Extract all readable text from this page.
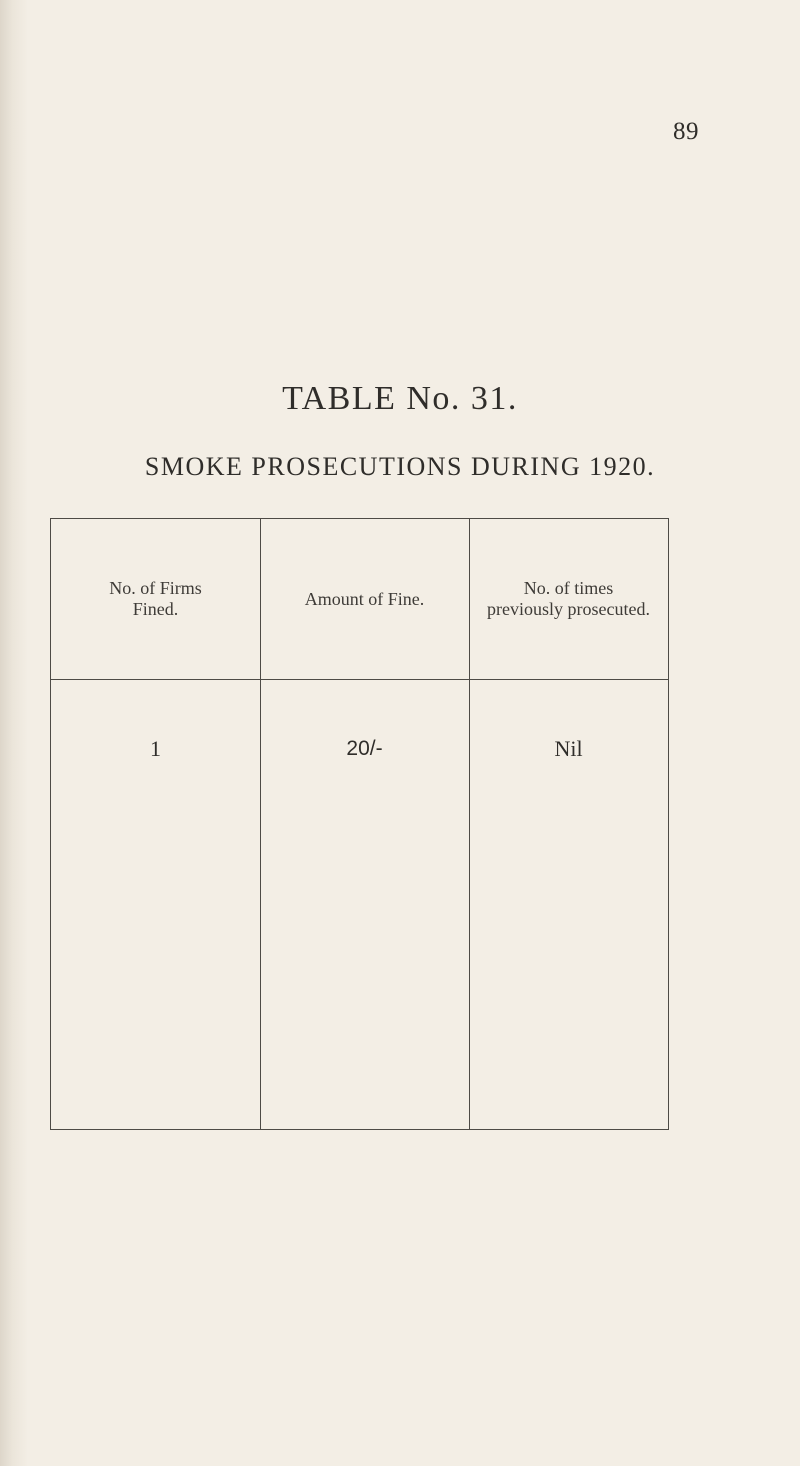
89
TABLE No. 31.
SMOKE PROSECUTIONS DURING 1920.
No. of Firms
Fined.
Amount of Fine.
No. of times
previously prosecuted.
1	20/-	Nil
